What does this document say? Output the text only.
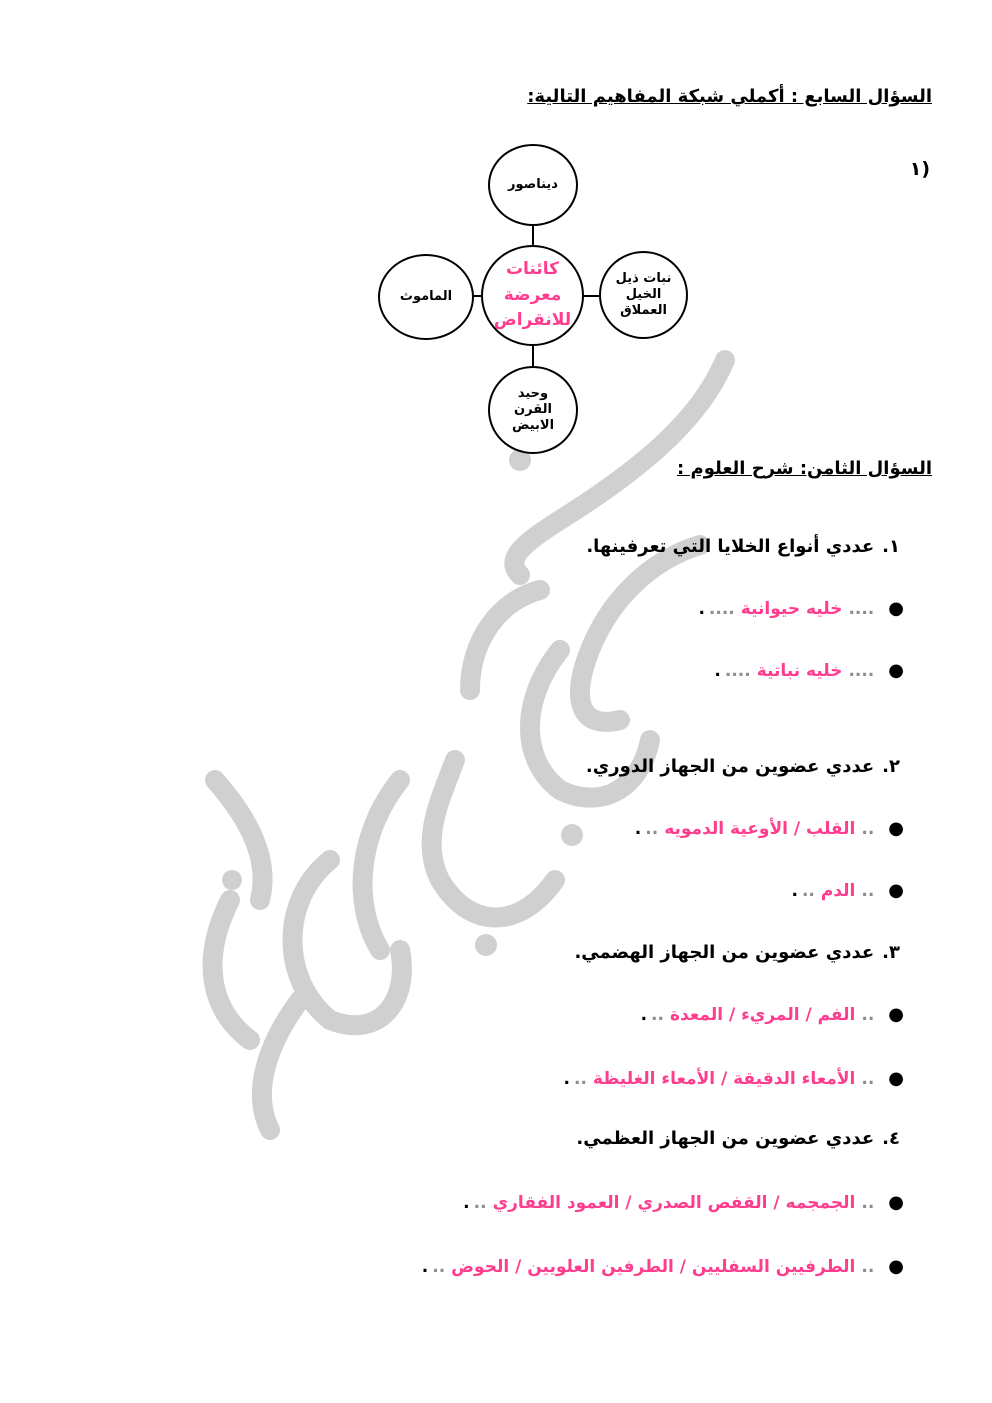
السؤال السابع : أكملي شبكة المفاهيم التالية:
١)
ديناصور
الماموث
كائنات
معرضة
للانقراض
نبات ذيل
الخيل
العملاق
وحيد
القرن
الابيض
السؤال الثامن: شرح العلوم :
١.عددي أنواع الخلايا التي تعرفينها.
●
....
خليه حيوانية
....
.
●
....
خليه نباتية
....
.
٢.عددي عضوين من الجهاز الدوري.
●
..
القلب / الأوعية الدمويه
..
.
●
..
الدم
..
.
٣.عددي عضوين من الجهاز الهضمي.
●
..
الفم / المريء / المعدة
..
.
●
..
الأمعاء الدقيقة / الأمعاء الغليظة
..
.
٤.عددي عضوين من الجهاز العظمي.
●
..
الجمجمه / القفص الصدري / العمود الفقاري
..
.
●
..
الطرفيين السفليين / الطرفين العلويين / الحوض
..
.
